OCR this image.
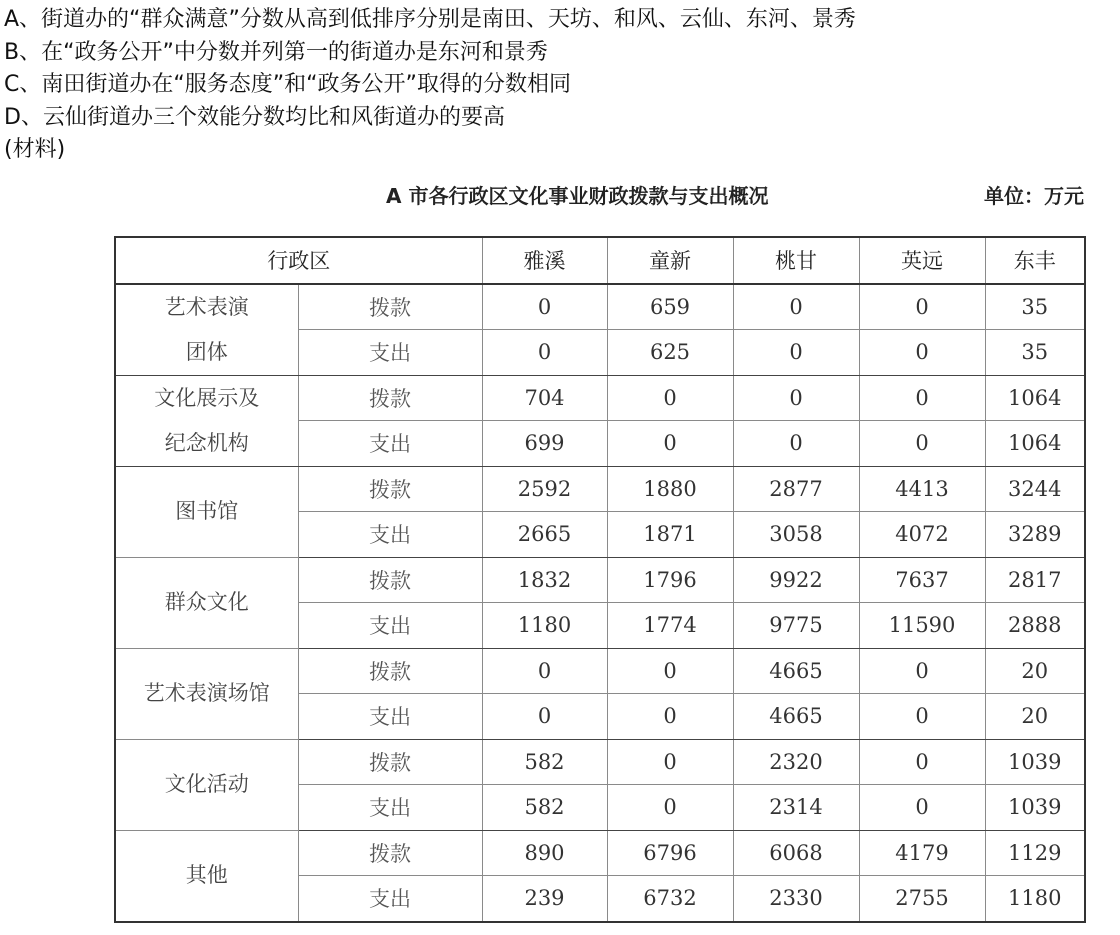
A、街道办的“群众满意”分数从高到低排序分别是南田、天坊、和风、云仙、东河、景秀
B、在“政务公开”中分数并列第一的街道办是东河和景秀
C、南田街道办在“服务态度”和“政务公开”取得的分数相同
D、云仙街道办三个效能分数均比和风街道办的要高
(材料)
A 市各行政区文化事业财政拨款与支出概况	单位：万元
行政区		雅溪	童新	桃甘	英远	东丰
艺术表演	拨款	0	659	0	0	35
团体	支出	0	625	0	0	35
文化展示及	拨款	704	0	0	0	1064
纪念机构	支出	699	0	0	0	1064
图书馆	拨款	2592	1880	2877	4413	3244
	支出	2665	1871	3058	4072	3289
群众文化	拨款	1832	1796	9922	7637	2817
	支出	1180	1774	9775	11590	2888
艺术表演场馆	拨款	0	0	4665	0	20
	支出	0	0	4665	0	20
文化活动	拨款	582	0	2320	0	1039
	支出	582	0	2314	0	1039
其他	拨款	890	6796	6068	4179	1129
	支出	239	6732	2330	2755	1180
